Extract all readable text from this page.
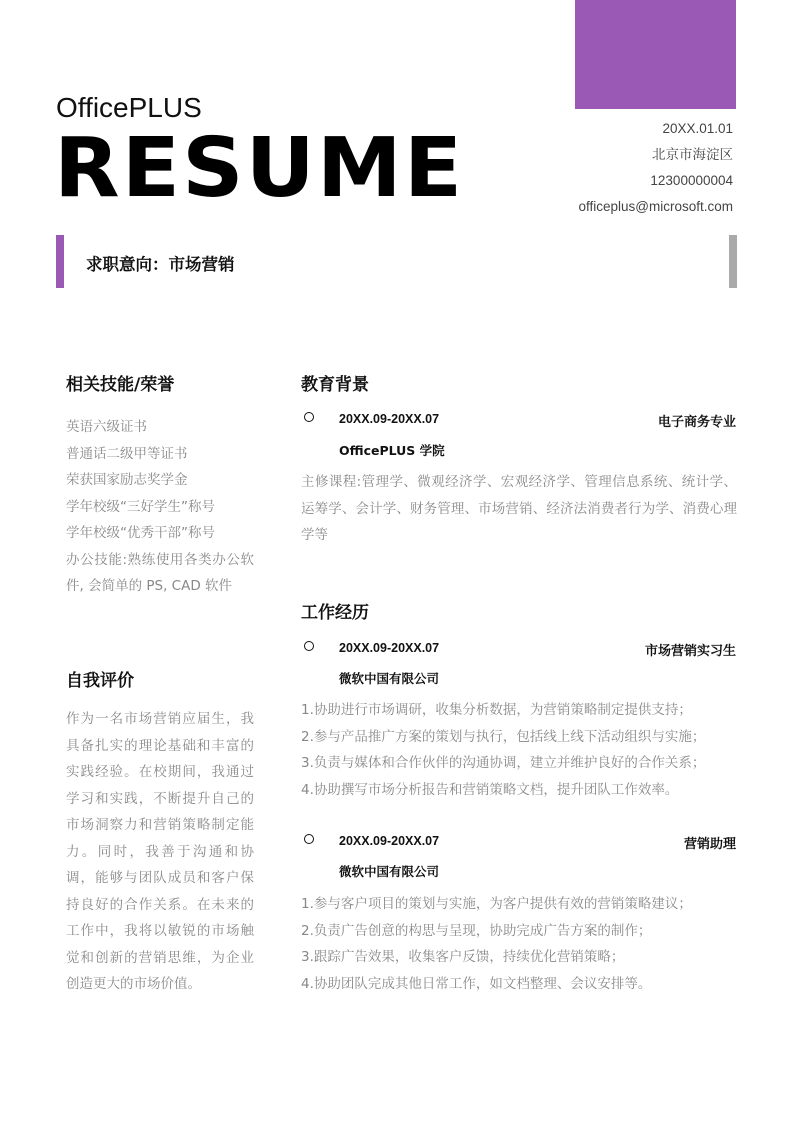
OfficePLUS
RESUME	20XX.01.01
北京市海淀区
12300000004
officeplus@microsoft.com
求职意向：市场营销
相关技能/荣誉
英语六级证书
普通话二级甲等证书
荣获国家励志奖学金
学年校级“三好学生”称号
学年校级“优秀干部”称号
办公技能:熟练使用各类办公软件, 会简单的 PS, CAD 软件
自我评价
作为一名市场营销应届生，我具备扎实的理论基础和丰富的实践经验。在校期间，我通过学习和实践，不断提升自己的市场洞察力和营销策略制定能力。同时，我善于沟通和协调，能够与团队成员和客户保持良好的合作关系。在未来的工作中，我将以敏锐的市场触觉和创新的营销思维，为企业创造更大的市场价值。
教育背景
20XX.09-20XX.07	电子商务专业
OfficePLUS 学院
主修课程:管理学、微观经济学、宏观经济学、管理信息系统、统计学、运筹学、会计学、财务管理、市场营销、经济法消费者行为学、消费心理学等
工作经历
20XX.09-20XX.07	市场营销实习生
微软中国有限公司
1.协助进行市场调研，收集分析数据，为营销策略制定提供支持；
2.参与产品推广方案的策划与执行，包括线上线下活动组织与实施；
3.负责与媒体和合作伙伴的沟通协调，建立并维护良好的合作关系；
4.协助撰写市场分析报告和营销策略文档，提升团队工作效率。
20XX.09-20XX.07	营销助理
微软中国有限公司
1.参与客户项目的策划与实施，为客户提供有效的营销策略建议；
2.负责广告创意的构思与呈现，协助完成广告方案的制作；
3.跟踪广告效果，收集客户反馈，持续优化营销策略；
4.协助团队完成其他日常工作，如文档整理、会议安排等。
